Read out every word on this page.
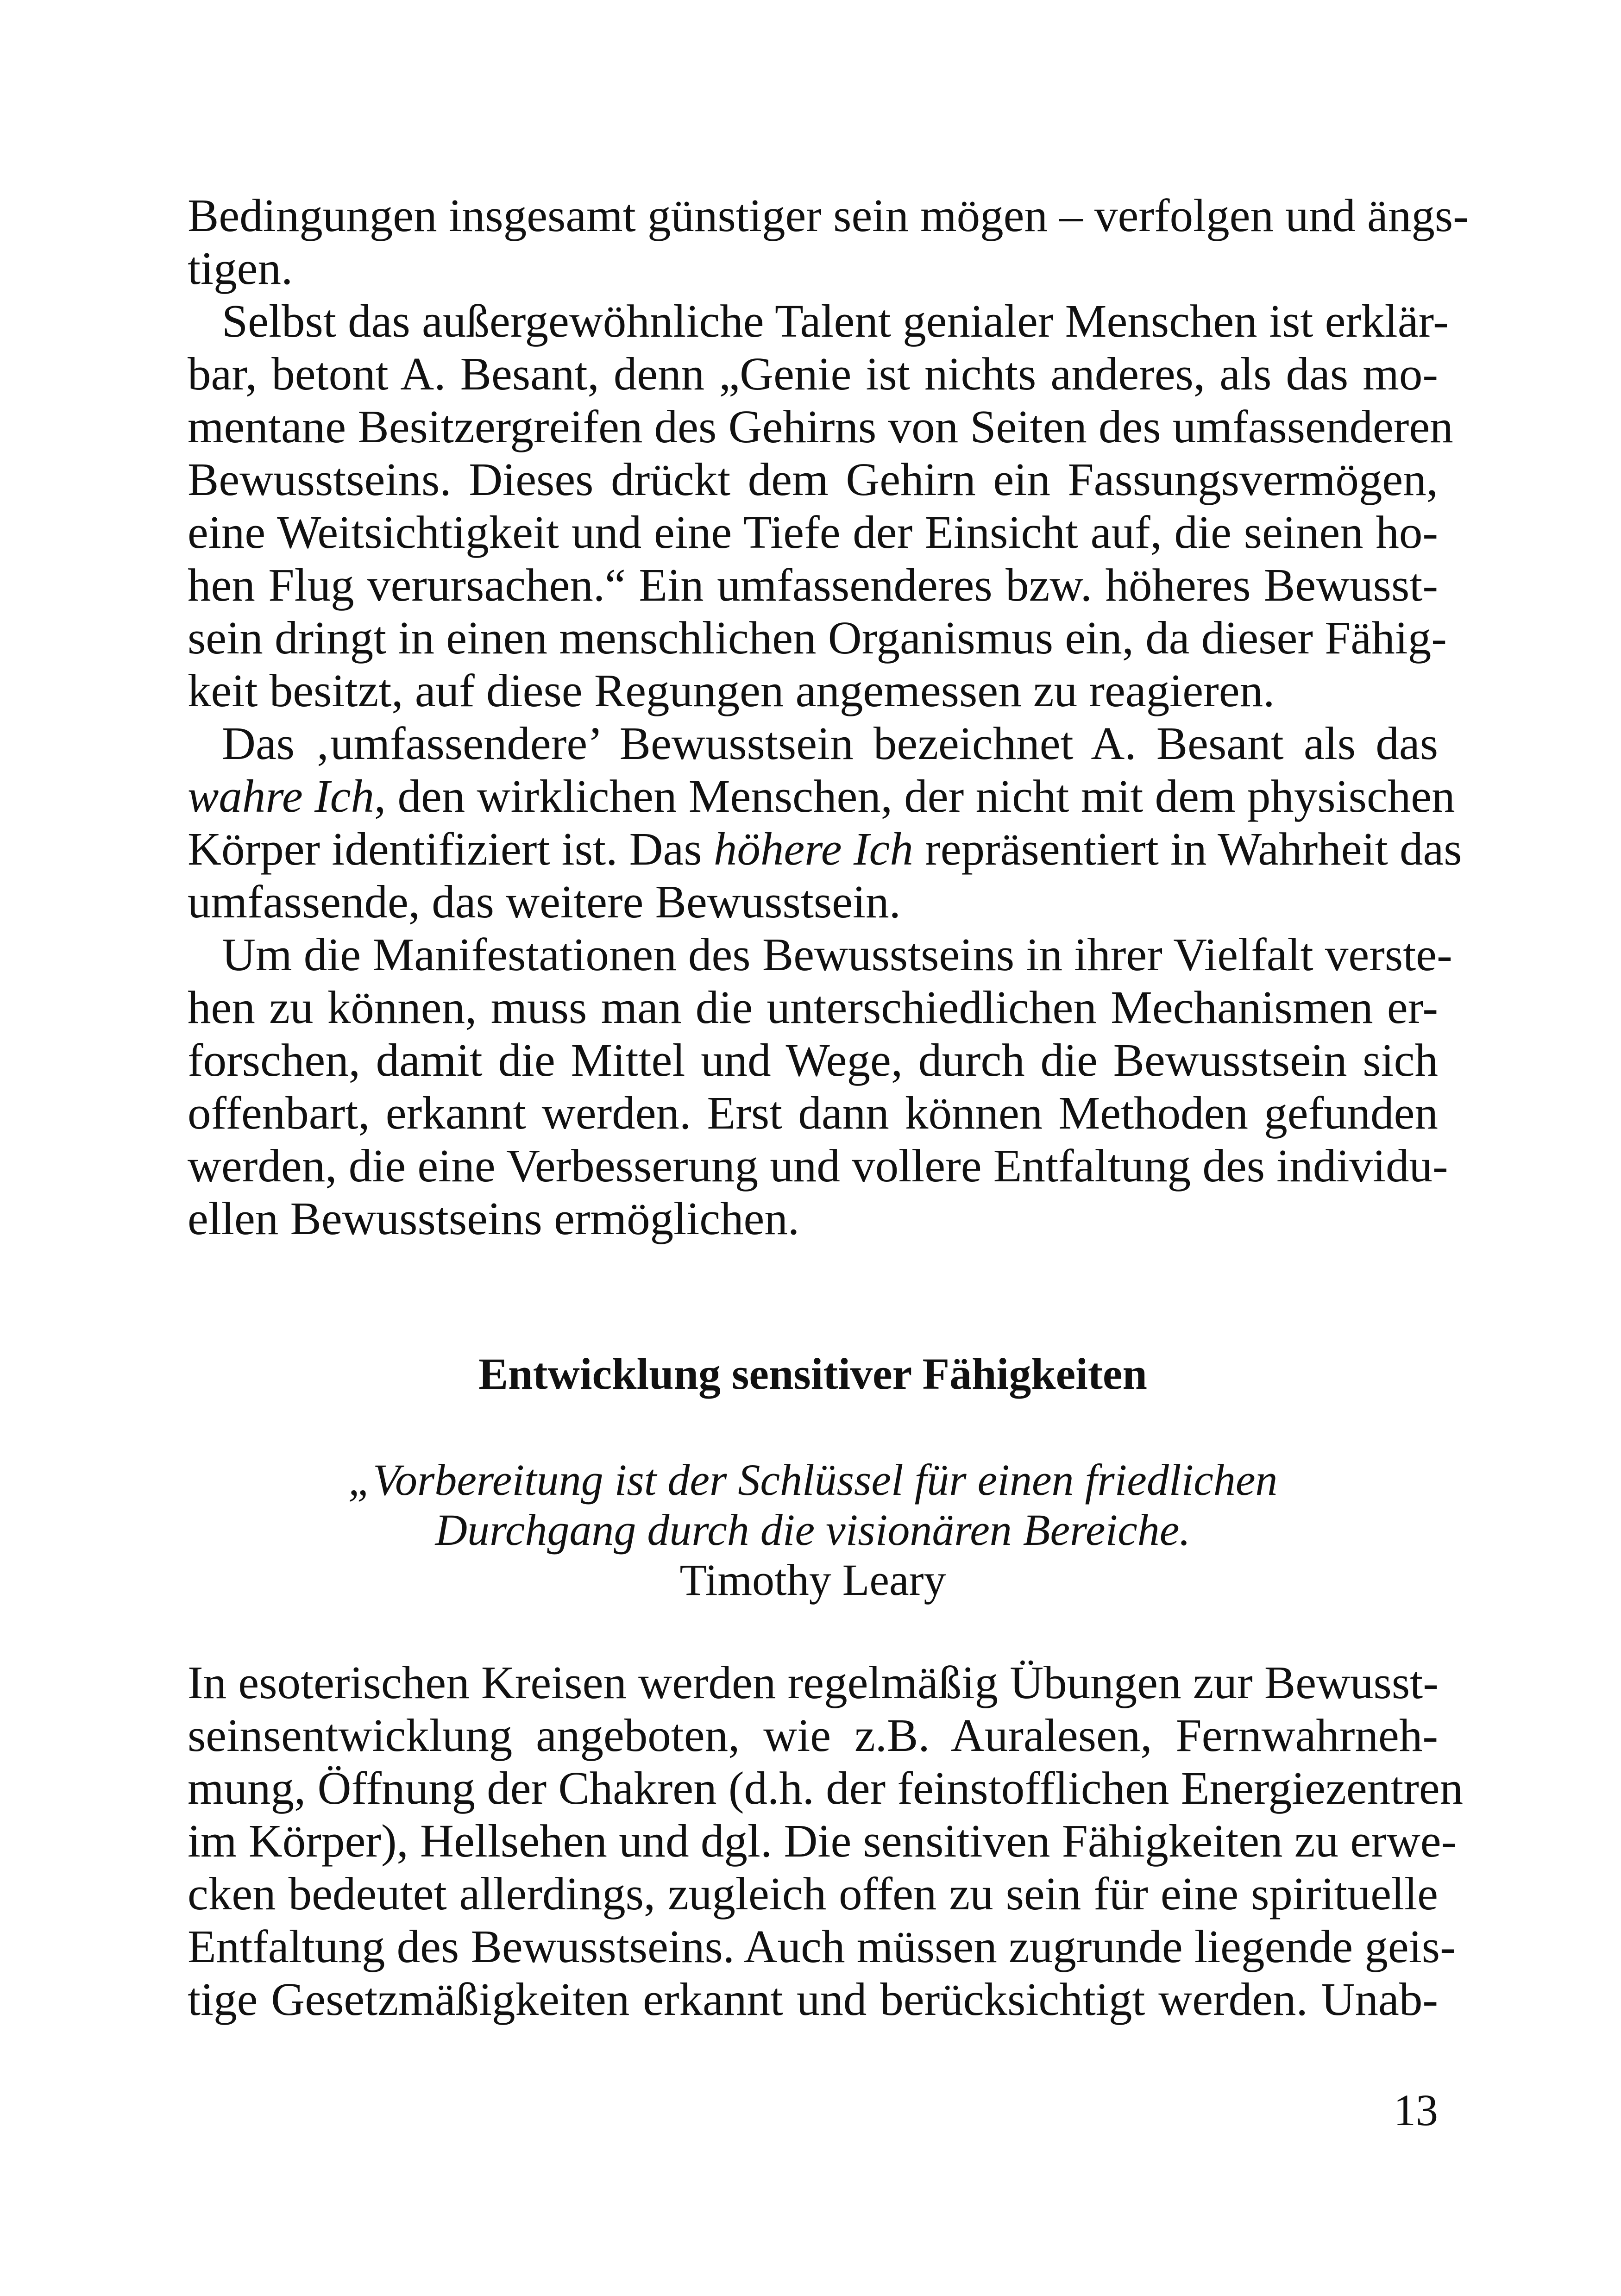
Bedingungen insgesamt günstiger sein mögen – verfolgen und ängs-
tigen.
Selbst das außergewöhnliche Talent genialer Menschen ist erklär-
bar, betont A. Besant, denn „Genie ist nichts anderes, als das mo-
mentane Besitzergreifen des Gehirns von Seiten des umfassenderen
Bewusstseins. Dieses drückt dem Gehirn ein Fassungsvermögen,
eine Weitsichtigkeit und eine Tiefe der Einsicht auf, die seinen ho-
hen Flug verursachen.“ Ein umfassenderes bzw. höheres Bewusst-
sein dringt in einen menschlichen Organismus ein, da dieser Fähig-
keit besitzt, auf diese Regungen angemessen zu reagieren.
Das ‚umfassendere’ Bewusstsein bezeichnet A. Besant als das
wahre Ich, den wirklichen Menschen, der nicht mit dem physischen
Körper identifiziert ist. Das höhere Ich repräsentiert in Wahrheit das
umfassende, das weitere Bewusstsein.
Um die Manifestationen des Bewusstseins in ihrer Vielfalt verste-
hen zu können, muss man die unterschiedlichen Mechanismen er-
forschen, damit die Mittel und Wege, durch die Bewusstsein sich
offenbart, erkannt werden. Erst dann können Methoden gefunden
werden, die eine Verbesserung und vollere Entfaltung des individu-
ellen Bewusstseins ermöglichen.
Entwicklung sensitiver Fähigkeiten
„Vorbereitung ist der Schlüssel für einen friedlichen
Durchgang durch die visionären Bereiche.
Timothy Leary
In esoterischen Kreisen werden regelmäßig Übungen zur Bewusst-
seinsentwicklung angeboten, wie z.B. Auralesen, Fernwahrneh-
mung, Öffnung der Chakren (d.h. der feinstofflichen Energiezentren
im Körper), Hellsehen und dgl. Die sensitiven Fähigkeiten zu erwe-
cken bedeutet allerdings, zugleich offen zu sein für eine spirituelle
Entfaltung des Bewusstseins. Auch müssen zugrunde liegende geis-
tige Gesetzmäßigkeiten erkannt und berücksichtigt werden. Unab-
13
